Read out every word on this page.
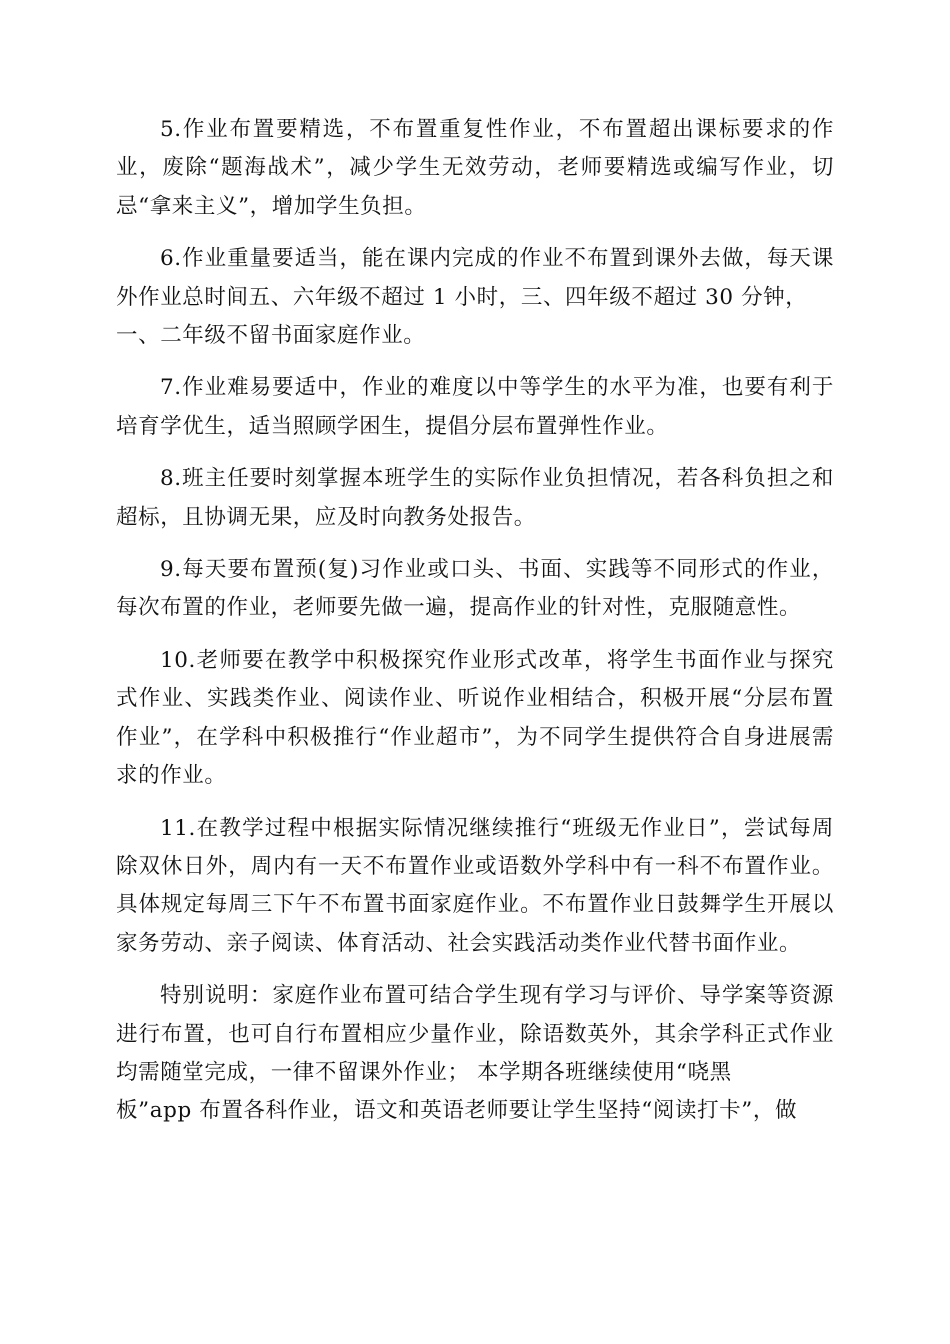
5.作业布置要精选，不布置重复性作业，不布置超出课标要求的作业，废除“题海战术”，减少学生无效劳动，老师要精选或编写作业，切忌“拿来主义”，增加学生负担。

6.作业重量要适当，能在课内完成的作业不布置到课外去做，每天课外作业总时间五、六年级不超过 1 小时，三、四年级不超过 30 分钟，
一、二年级不留书面家庭作业。

7.作业难易要适中，作业的难度以中等学生的水平为准，也要有利于培育学优生，适当照顾学困生，提倡分层布置弹性作业。

8.班主任要时刻掌握本班学生的实际作业负担情况，若各科负担之和超标，且协调无果，应及时向教务处报告。

9.每天要布置预(复)习作业或口头、书面、实践等不同形式的作业，每次布置的作业，老师要先做一遍，提高作业的针对性，克服随意性。

10.老师要在教学中积极探究作业形式改革，将学生书面作业与探究式作业、实践类作业、阅读作业、听说作业相结合，积极开展“分层布置作业”，在学科中积极推行“作业超市”，为不同学生提供符合自身进展需求的作业。

11.在教学过程中根据实际情况继续推行“班级无作业日”，尝试每周除双休日外，周内有一天不布置作业或语数外学科中有一科不布置作业。具体规定每周三下午不布置书面家庭作业。不布置作业日鼓舞学生开展以家务劳动、亲子阅读、体育活动、社会实践活动类作业代替书面作业。

特别说明：家庭作业布置可结合学生现有学习与评价、导学案等资源进行布置，也可自行布置相应少量作业，除语数英外，其余学科正式作业均需随堂完成，一律不留课外作业； 本学期各班继续使用“哓黑
板”app 布置各科作业，语文和英语老师要让学生坚持“阅读打卡”，做
